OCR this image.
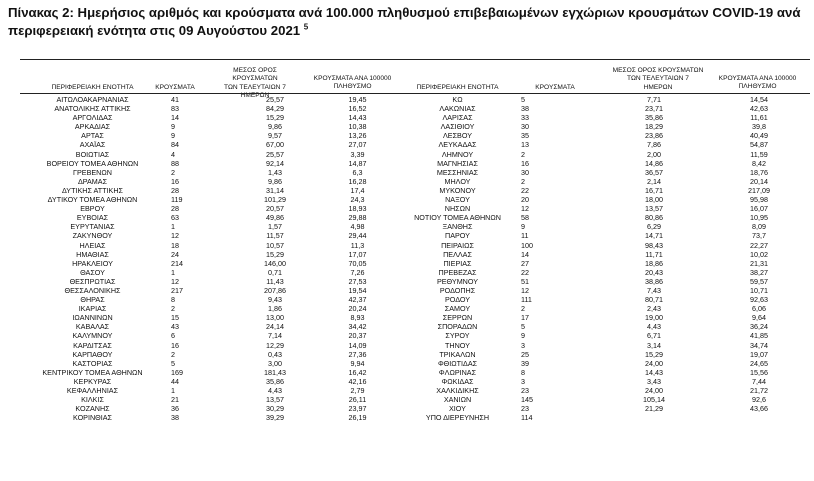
Πίνακας 2: Ημερήσιος αριθμός και κρούσματα ανά 100.000 πληθυσμού επιβεβαιωμένων εγχώριων κρουσμάτων COVID-19 ανά περιφερειακή ενότητα στις 09 Αυγούστου 2021 $^5$
ΠΕΡΙΦΕΡΕΙΑΚΗ ΕΝΟΤΗΤΑ	ΚΡΟΥΣΜΑΤΑ
ΜΕΣΟΣ ΟΡΟΣ ΚΡΟΥΣΜΑΤΩΝ
ΤΩΝ ΤΕΛΕΥΤΑΙΩΝ 7
ΗΜΕΡΩΝ
ΚΡΟΥΣΜΑΤΑ ΑΝΑ 100000
ΠΛΗΘΥΣΜΟ	ΠΕΡΙΦΕΡΕΙΑΚΗ ΕΝΟΤΗΤΑ	ΚΡΟΥΣΜΑΤΑ
ΜΕΣΟΣ ΟΡΟΣ ΚΡΟΥΣΜΑΤΩΝ
ΤΩΝ ΤΕΛΕΥΤΑΙΩΝ 7
ΗΜΕΡΩΝ
ΚΡΟΥΣΜΑΤΑ ΑΝΑ 100000
ΠΛΗΘΥΣΜΟ
ΑΙΤΩΛΟΑΚΑΡΝΑΝΙΑΣ	41	25,57	19,45
ΑΝΑΤΟΛΙΚΗΣ ΑΤΤΙΚΗΣ	83	84,29	16,52
ΑΡΓΟΛΙΔΑΣ	14	15,29	14,43
ΑΡΚΑΔΙΑΣ	9	9,86	10,38
ΑΡΤΑΣ	9	9,57	13,26
ΑΧΑΪΑΣ	84	67,00	27,07
ΒΟΙΩΤΙΑΣ	4	25,57	3,39
ΒΟΡΕΙΟΥ ΤΟΜΕΑ ΑΘΗΝΩΝ	88	92,14	14,87
ΓΡΕΒΕΝΩΝ	2	1,43	6,3
ΔΡΑΜΑΣ	16	9,86	16,28
ΔΥΤΙΚΗΣ ΑΤΤΙΚΗΣ	28	31,14	17,4
ΔΥΤΙΚΟΥ ΤΟΜΕΑ ΑΘΗΝΩΝ	119	101,29	24,3
ΕΒΡΟΥ	28	20,57	18,93
ΕΥΒΟΙΑΣ	63	49,86	29,88
ΕΥΡΥΤΑΝΙΑΣ	1	1,57	4,98
ΖΑΚΥΝΘΟΥ	12	11,57	29,44
ΗΛΕΙΑΣ	18	10,57	11,3
ΗΜΑΘΙΑΣ	24	15,29	17,07
ΗΡΑΚΛΕΙΟΥ	214	146,00	70,05
ΘΑΣΟΥ	1	0,71	7,26
ΘΕΣΠΡΩΤΙΑΣ	12	11,43	27,53
ΘΕΣΣΑΛΟΝΙΚΗΣ	217	207,86	19,54
ΘΗΡΑΣ	8	9,43	42,37
ΙΚΑΡΙΑΣ	2	1,86	20,24
ΙΩΑΝΝΙΝΩΝ	15	13,00	8,93
ΚΑΒΑΛΑΣ	43	24,14	34,42
ΚΑΛΥΜΝΟΥ	6	7,14	20,37
ΚΑΡΔΙΤΣΑΣ	16	12,29	14,09
ΚΑΡΠΑΘΟΥ	2	0,43	27,36
ΚΑΣΤΟΡΙΑΣ	5	3,00	9,94
ΚΕΝΤΡΙΚΟΥ ΤΟΜΕΑ ΑΘΗΝΩΝ	169	181,43	16,42
ΚΕΡΚΥΡΑΣ	44	35,86	42,16
ΚΕΦΑΛΛΗΝΙΑΣ	1	4,43	2,79
ΚΙΛΚΙΣ	21	13,57	26,11
ΚΟΖΑΝΗΣ	36	30,29	23,97
ΚΟΡΙΝΘΙΑΣ	38	39,29	26,19
ΚΩ	5	7,71	14,54
ΛΑΚΩΝΙΑΣ	38	23,71	42,63
ΛΑΡΙΣΑΣ	33	35,86	11,61
ΛΑΣΙΘΙΟΥ	30	18,29	39,8
ΛΕΣΒΟΥ	35	23,86	40,49
ΛΕΥΚΑΔΑΣ	13	7,86	54,87
ΛΗΜΝΟΥ	2	2,00	11,59
ΜΑΓΝΗΣΙΑΣ	16	14,86	8,42
ΜΕΣΣΗΝΙΑΣ	30	36,57	18,76
ΜΗΛΟΥ	2	2,14	20,14
ΜΥΚΟΝΟΥ	22	16,71	217,09
ΝΑΞΟΥ	20	18,00	95,98
ΝΗΣΩΝ	12	13,57	16,07
ΝΟΤΙΟΥ ΤΟΜΕΑ ΑΘΗΝΩΝ	58	80,86	10,95
ΞΑΝΘΗΣ	9	6,29	8,09
ΠΑΡΟΥ	11	14,71	73,7
ΠΕΙΡΑΙΩΣ	100	98,43	22,27
ΠΕΛΛΑΣ	14	11,71	10,02
ΠΙΕΡΙΑΣ	27	18,86	21,31
ΠΡΕΒΕΖΑΣ	22	20,43	38,27
ΡΕΘΥΜΝΟΥ	51	38,86	59,57
ΡΟΔΟΠΗΣ	12	7,43	10,71
ΡΟΔΟΥ	111	80,71	92,63
ΣΑΜΟΥ	2	2,43	6,06
ΣΕΡΡΩΝ	17	19,00	9,64
ΣΠΟΡΑΔΩΝ	5	4,43	36,24
ΣΥΡΟΥ	9	6,71	41,85
ΤΗΝΟΥ	3	3,14	34,74
ΤΡΙΚΑΛΩΝ	25	15,29	19,07
ΦΘΙΩΤΙΔΑΣ	39	24,00	24,65
ΦΛΩΡΙΝΑΣ	8	14,43	15,56
ΦΩΚΙΔΑΣ	3	3,43	7,44
ΧΑΛΚΙΔΙΚΗΣ	23	24,00	21,72
ΧΑΝΙΩΝ	145	105,14	92,6
ΧΙΟΥ	23	21,29	43,66
ΥΠΟ ΔΙΕΡΕΥΝΗΣΗ	114		
